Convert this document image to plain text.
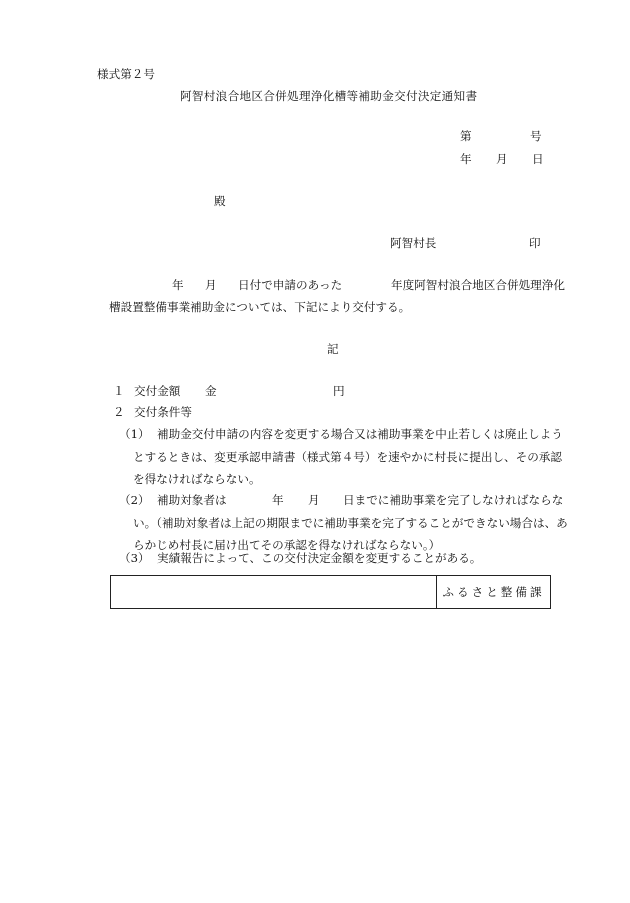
様式第２号
阿智村浪合地区合併処理浄化槽等補助金交付決定通知書
第	号
年 月 日
殿
阿智村長	印
年 月 日付で申請のあった	年度阿智村浪合地区合併処理浄化
槽設置整備事業補助金については、下記により交付する。
記
１ 交付金額 金	円
２ 交付条件等
（1） 補助金交付申請の内容を変更する場合又は補助事業を中止若しくは廃止しようとするときは、変更承認申請書（様式第４号）を速やかに村長に提出し、その承認を得なければならない。
（2） 補助対象者は	年 月	日までに補助事業を完了しなければならない。（補助対象者は上記の期限までに補助事業を完了することができない場合は、あらかじめ村長に届け出てその承認を得なければならない。）
（3） 実績報告によって、この交付決定金額を変更することがある。
ふるさと整備課
